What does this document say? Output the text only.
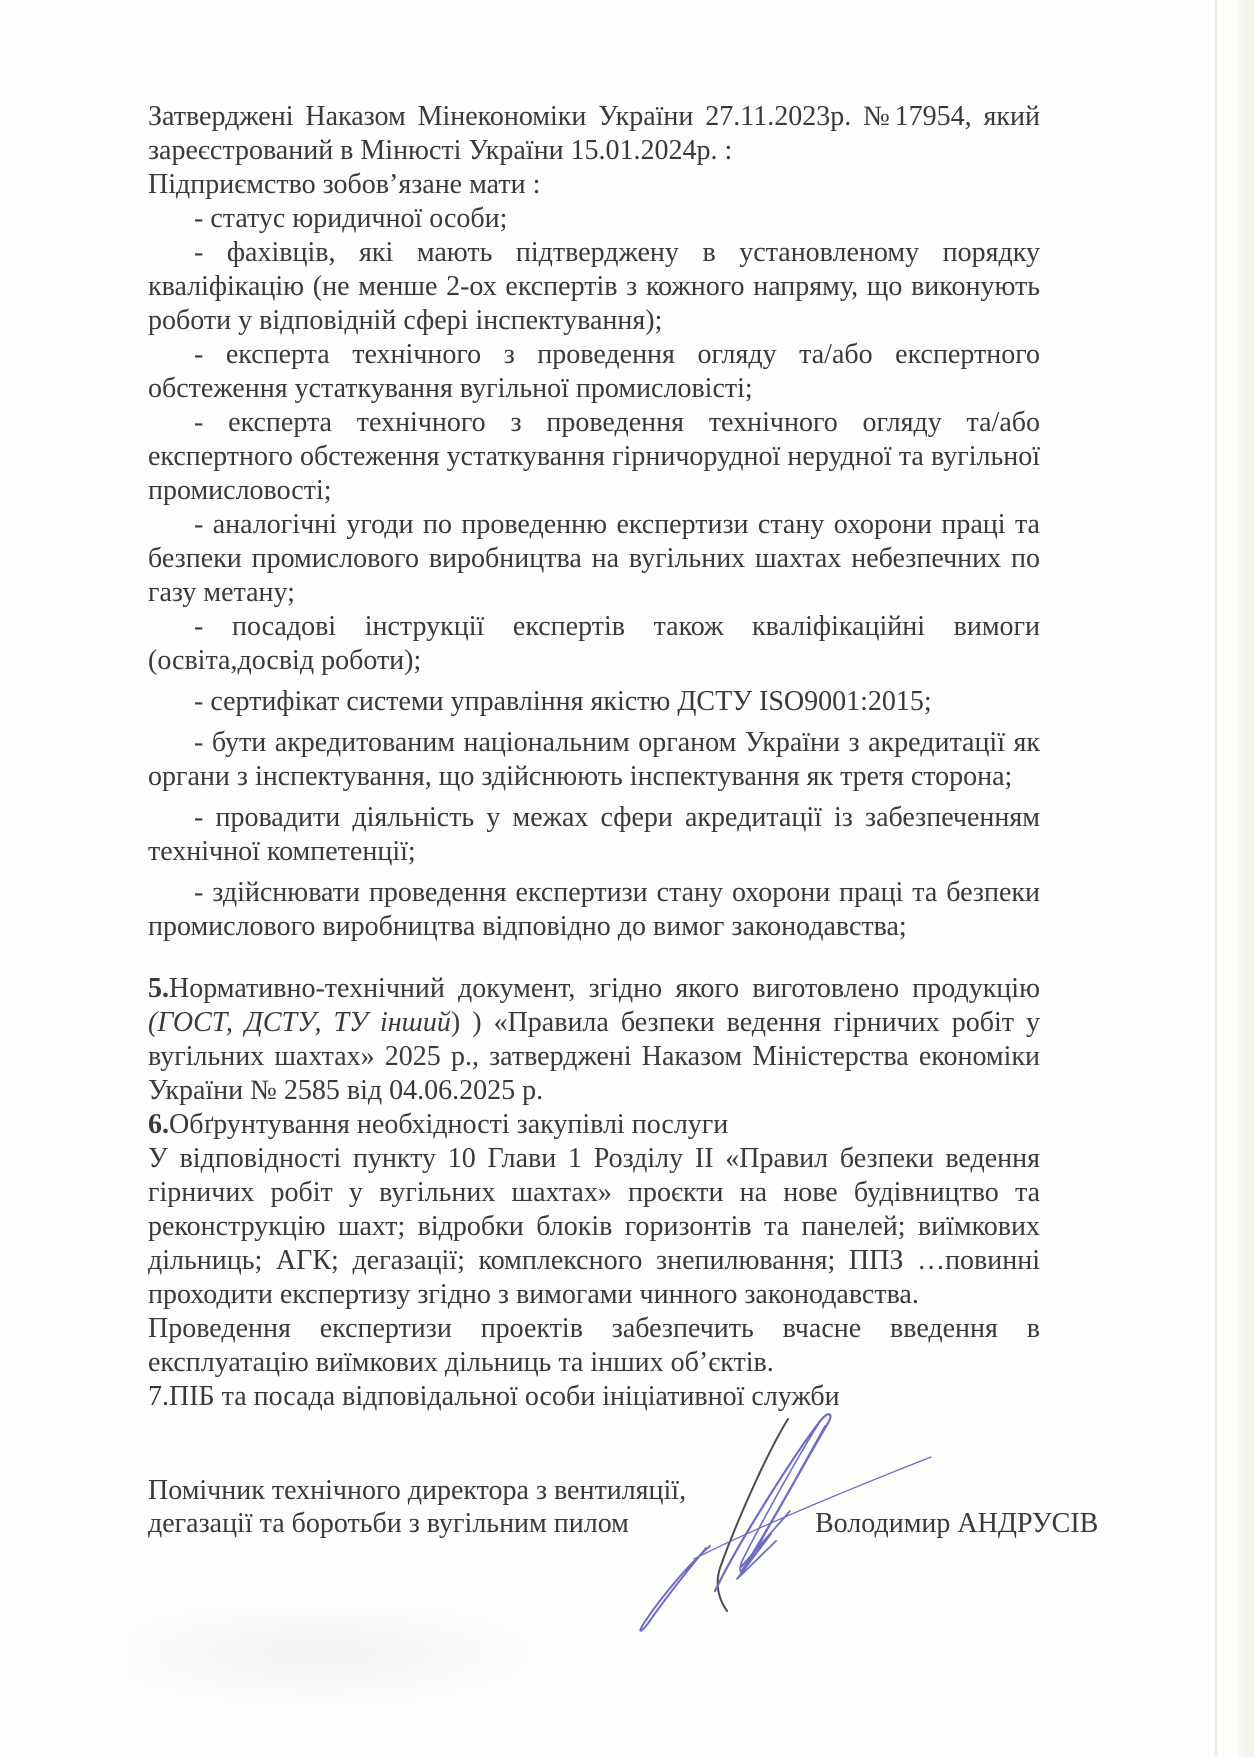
Затверджені Наказом Мінекономіки України 27.11.2023р. №17954, який зареєстрований в Мінюсті України 15.01.2024р. :

Підприємство зобов’язане мати :

- статус юридичної особи;

- фахівців, які мають підтверджену в установленому порядку кваліфікацію (не менше 2-ох експертів з кожного напряму, що виконують роботи у відповідній сфері інспектування);

- експерта технічного з проведення огляду та/або експертного обстеження устаткування вугільної промисловісті;

- експерта технічного з проведення технічного огляду та/або експертного обстеження устаткування гірничорудної нерудної та вугільної промисловості;

- аналогічні угоди по проведенню експертизи стану охорони праці та безпеки промислового виробництва на вугільних шахтах небезпечних по газу метану;

- посадові інструкції експертів також кваліфікаційні вимоги (освіта,досвід роботи);

- сертифікат системи управління якістю ДСТУ ISO9001:2015;

- бути акредитованим національним органом України з акредитації як органи з інспектування, що здійснюють інспектування як третя сторона;

- провадити діяльність у межах сфери акредитації із забезпеченням технічної компетенції;

- здійснювати проведення експертизи стану охорони праці та безпеки промислового виробництва відповідно до вимог законодавства;

5.Нормативно-технічний документ, згідно якого виготовлено продукцію (ГОСТ, ДСТУ, ТУ інший) ) «Правила безпеки ведення гірничих робіт у вугільних шахтах» 2025 р., затверджені Наказом Міністерства економіки України № 2585 від 04.06.2025 р.

6.Обґрунтування необхідності закупівлі послуги

У відповідності пункту 10 Глави 1 Розділу ІІ «Правил безпеки ведення гірничих робіт у вугільних шахтах» проєкти на нове будівництво та реконструкцію шахт; відробки блоків горизонтів та панелей; виїмкових дільниць; АГК; дегазації; комплексного знепилювання; ППЗ …повинні проходити експертизу згідно з вимогами чинного законодавства.

Проведення експертизи проектів забезпечить вчасне введення в експлуатацію виїмкових дільниць та інших об’єктів.

7.ПІБ та посада відповідальної особи ініціативної служби

Помічник технічного директора з вентиляції,
дегазації та боротьби з вугільним пилом	Володимир АНДРУСІВ
